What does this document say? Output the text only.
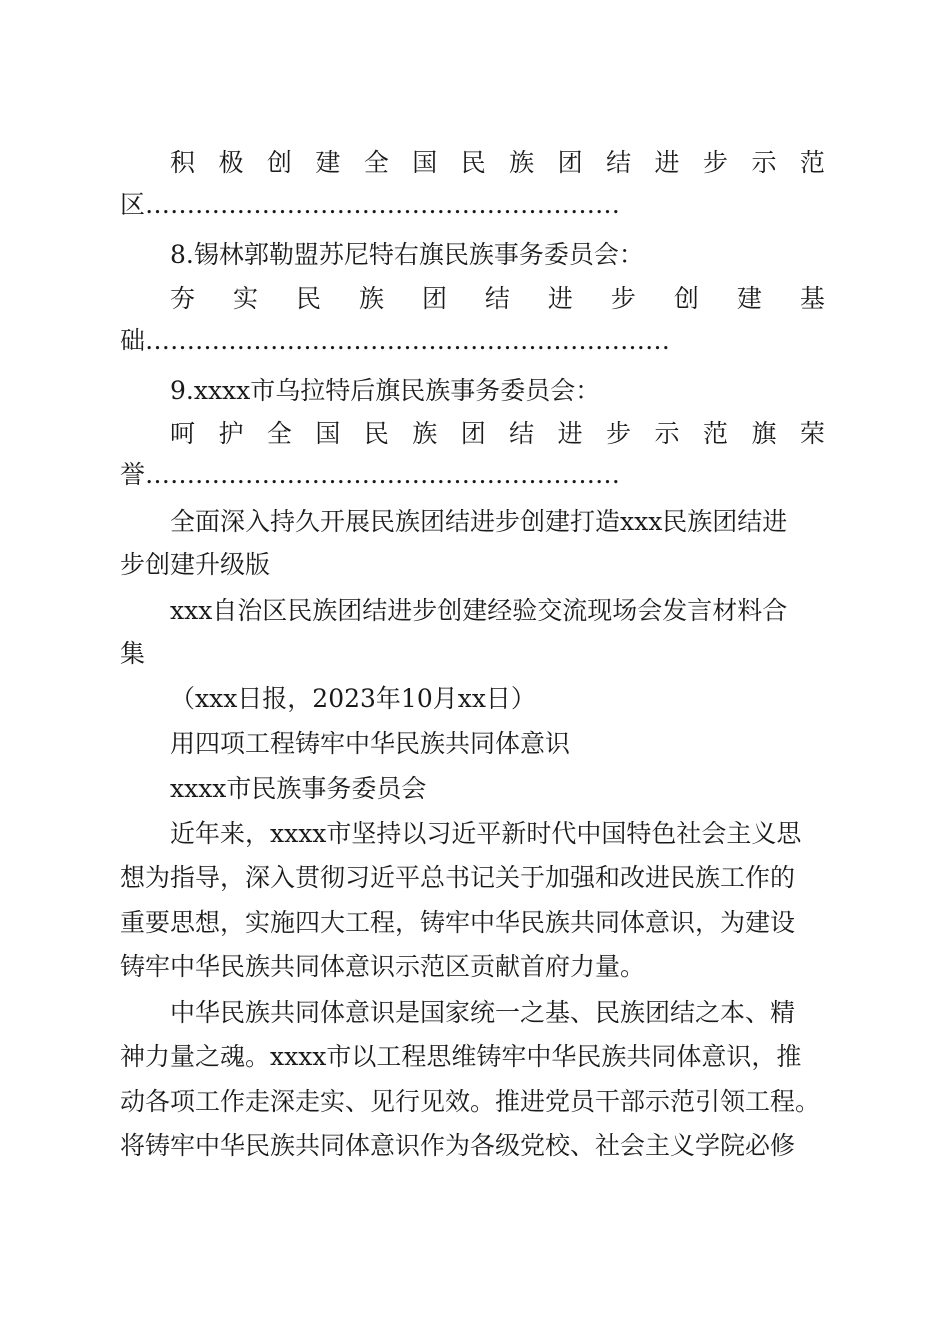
积 极 创 建 全 国 民 族 团 结 进 步 示 范
区…………………………………………………
8.锡林郭勒盟苏尼特右旗民族事务委员会：
夯 实 民 族 团 结 进 步 创 建 基
础………………………………………………………
9.xxxx市乌拉特后旗民族事务委员会：
呵 护 全 国 民 族 团 结 进 步 示 范 旗 荣
誉…………………………………………………
全面深入持久开展民族团结进步创建打造xxx民族团结进
步创建升级版
xxx自治区民族团结进步创建经验交流现场会发言材料合
集
（xxx日报，2023年10月xx日）
用四项工程铸牢中华民族共同体意识
xxxx市民族事务委员会
近年来，xxxx市坚持以习近平新时代中国特色社会主义思
想为指导，深入贯彻习近平总书记关于加强和改进民族工作的
重要思想，实施四大工程，铸牢中华民族共同体意识，为建设
铸牢中华民族共同体意识示范区贡献首府力量。
中华民族共同体意识是国家统一之基、民族团结之本、精
神力量之魂。xxxx市以工程思维铸牢中华民族共同体意识，推
动各项工作走深走实、见行见效。推进党员干部示范引领工程。
将铸牢中华民族共同体意识作为各级党校、社会主义学院必修
